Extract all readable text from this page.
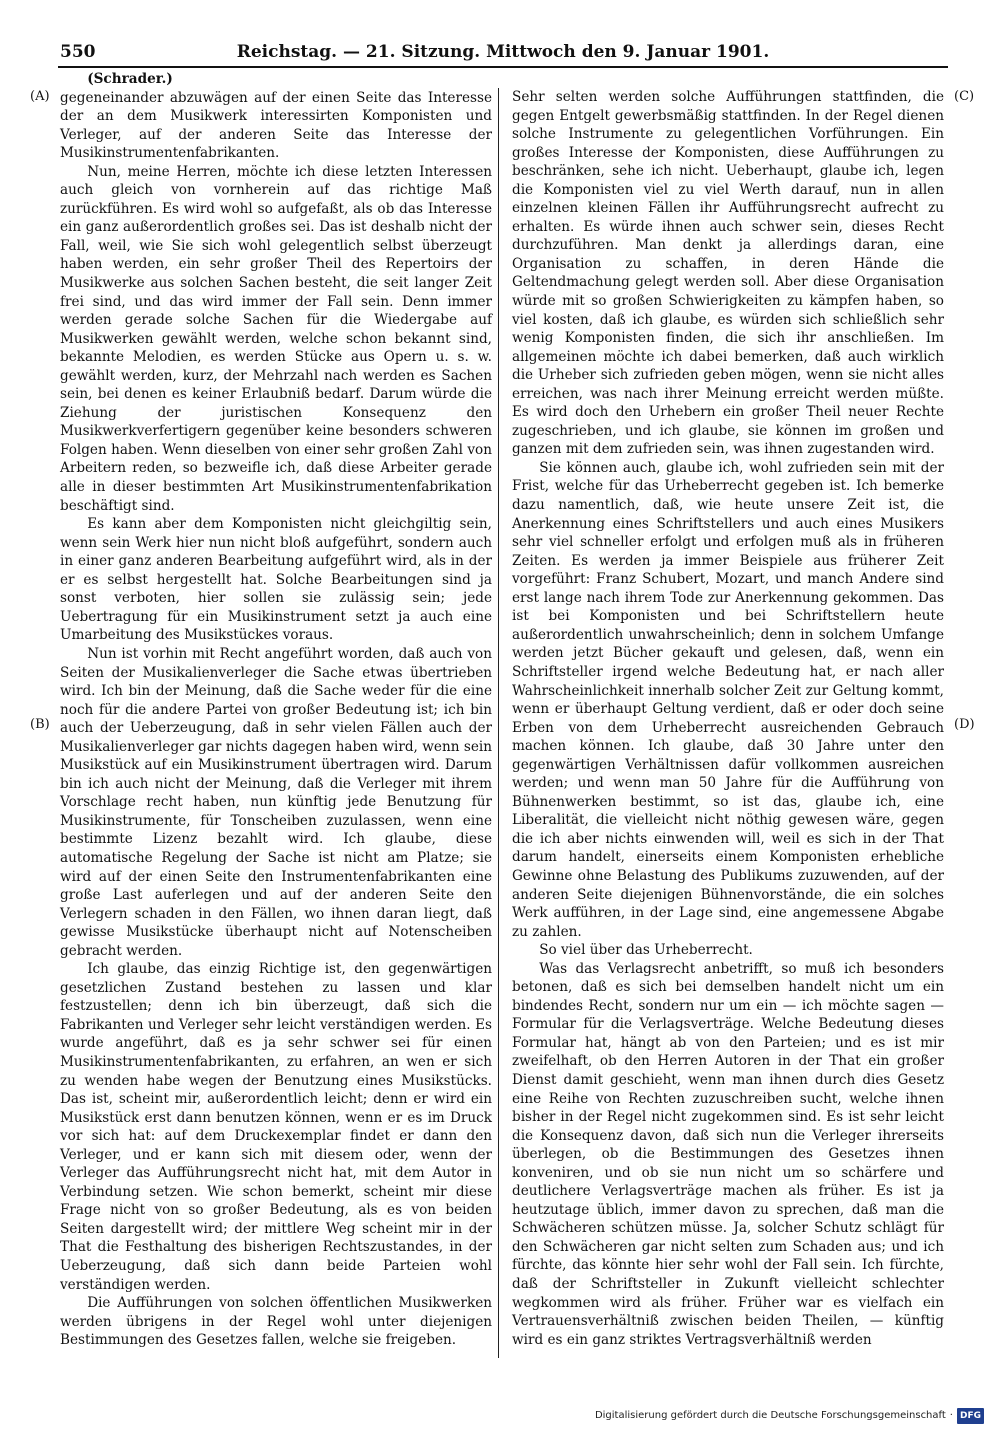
550	Reichstag. — 21. Sitzung. Mittwoch den 9. Januar 1901.
(A)
(B)
(C)
(D)

(Schrader.)

gegeneinander abzuwägen auf der einen Seite das Interesse der an dem Musikwerk interessirten Komponisten und Verleger, auf der anderen Seite das Interesse der Musikinstrumentenfabrikanten.

Nun, meine Herren, möchte ich diese letzten Interessen auch gleich von vornherein auf das richtige Maß zurückführen. Es wird wohl so aufgefaßt, als ob das Interesse ein ganz außerordentlich großes sei. Das ist deshalb nicht der Fall, weil, wie Sie sich wohl gelegentlich selbst überzeugt haben werden, ein sehr großer Theil des Repertoirs der Musikwerke aus solchen Sachen besteht, die seit langer Zeit frei sind, und das wird immer der Fall sein. Denn immer werden gerade solche Sachen für die Wiedergabe auf Musikwerken gewählt werden, welche schon bekannt sind, bekannte Melodien, es werden Stücke aus Opern u. s. w. gewählt werden, kurz, der Mehrzahl nach werden es Sachen sein, bei denen es keiner Erlaubniß bedarf. Darum würde die Ziehung der juristischen Konsequenz den Musikwerkverfertigern gegenüber keine besonders schweren Folgen haben. Wenn dieselben von einer sehr großen Zahl von Arbeitern reden, so bezweifle ich, daß diese Arbeiter gerade alle in dieser bestimmten Art Musikinstrumentenfabrikation beschäftigt sind.

Es kann aber dem Komponisten nicht gleichgiltig sein, wenn sein Werk hier nun nicht bloß aufgeführt, sondern auch in einer ganz anderen Bearbeitung aufgeführt wird, als in der er es selbst hergestellt hat. Solche Bearbeitungen sind ja sonst verboten, hier sollen sie zulässig sein; jede Uebertragung für ein Musikinstrument setzt ja auch eine Umarbeitung des Musikstückes voraus.

Nun ist vorhin mit Recht angeführt worden, daß auch von Seiten der Musikalienverleger die Sache etwas übertrieben wird. Ich bin der Meinung, daß die Sache weder für die eine noch für die andere Partei von großer Bedeutung ist; ich bin auch der Ueberzeugung, daß in sehr vielen Fällen auch der Musikalienverleger gar nichts dagegen haben wird, wenn sein Musikstück auf ein Musikinstrument übertragen wird. Darum bin ich auch nicht der Meinung, daß die Verleger mit ihrem Vorschlage recht haben, nun künftig jede Benutzung für Musikinstrumente, für Tonscheiben zuzulassen, wenn eine bestimmte Lizenz bezahlt wird. Ich glaube, diese automatische Regelung der Sache ist nicht am Platze; sie wird auf der einen Seite den Instrumentenfabrikanten eine große Last auferlegen und auf der anderen Seite den Verlegern schaden in den Fällen, wo ihnen daran liegt, daß gewisse Musikstücke überhaupt nicht auf Notenscheiben gebracht werden.

Ich glaube, das einzig Richtige ist, den gegenwärtigen gesetzlichen Zustand bestehen zu lassen und klar festzustellen; denn ich bin überzeugt, daß sich die Fabrikanten und Verleger sehr leicht verständigen werden. Es wurde angeführt, daß es ja sehr schwer sei für einen Musikinstrumentenfabrikanten, zu erfahren, an wen er sich zu wenden habe wegen der Benutzung eines Musikstücks. Das ist, scheint mir, außerordentlich leicht; denn er wird ein Musikstück erst dann benutzen können, wenn er es im Druck vor sich hat: auf dem Druckexemplar findet er dann den Verleger, und er kann sich mit diesem oder, wenn der Verleger das Aufführungsrecht nicht hat, mit dem Autor in Verbindung setzen. Wie schon bemerkt, scheint mir diese Frage nicht von so großer Bedeutung, als es von beiden Seiten dargestellt wird; der mittlere Weg scheint mir in der That die Festhaltung des bisherigen Rechtszustandes, in der Ueberzeugung, daß sich dann beide Parteien wohl verständigen werden.

Die Aufführungen von solchen öffentlichen Musikwerken werden übrigens in der Regel wohl unter diejenigen Bestimmungen des Gesetzes fallen, welche sie freigeben.

Sehr selten werden solche Aufführungen stattfinden, die gegen Entgelt gewerbsmäßig stattfinden. In der Regel dienen solche Instrumente zu gelegentlichen Vorführungen. Ein großes Interesse der Komponisten, diese Aufführungen zu beschränken, sehe ich nicht. Ueberhaupt, glaube ich, legen die Komponisten viel zu viel Werth darauf, nun in allen einzelnen kleinen Fällen ihr Aufführungsrecht aufrecht zu erhalten. Es würde ihnen auch schwer sein, dieses Recht durchzuführen. Man denkt ja allerdings daran, eine Organisation zu schaffen, in deren Hände die Geltendmachung gelegt werden soll. Aber diese Organisation würde mit so großen Schwierigkeiten zu kämpfen haben, so viel kosten, daß ich glaube, es würden sich schließlich sehr wenig Komponisten finden, die sich ihr anschließen. Im allgemeinen möchte ich dabei bemerken, daß auch wirklich die Urheber sich zufrieden geben mögen, wenn sie nicht alles erreichen, was nach ihrer Meinung erreicht werden müßte. Es wird doch den Urhebern ein großer Theil neuer Rechte zugeschrieben, und ich glaube, sie können im großen und ganzen mit dem zufrieden sein, was ihnen zugestanden wird.

Sie können auch, glaube ich, wohl zufrieden sein mit der Frist, welche für das Urheberrecht gegeben ist. Ich bemerke dazu namentlich, daß, wie heute unsere Zeit ist, die Anerkennung eines Schriftstellers und auch eines Musikers sehr viel schneller erfolgt und erfolgen muß als in früheren Zeiten. Es werden ja immer Beispiele aus früherer Zeit vorgeführt: Franz Schubert, Mozart, und manch Andere sind erst lange nach ihrem Tode zur Anerkennung gekommen. Das ist bei Komponisten und bei Schriftstellern heute außerordentlich unwahrscheinlich; denn in solchem Umfange werden jetzt Bücher gekauft und gelesen, daß, wenn ein Schriftsteller irgend welche Bedeutung hat, er nach aller Wahrscheinlichkeit innerhalb solcher Zeit zur Geltung kommt, wenn er überhaupt Geltung verdient, daß er oder doch seine Erben von dem Urheberrecht ausreichenden Gebrauch machen können. Ich glaube, daß 30 Jahre unter den gegenwärtigen Verhältnissen dafür vollkommen ausreichen werden; und wenn man 50 Jahre für die Aufführung von Bühnenwerken bestimmt, so ist das, glaube ich, eine Liberalität, die vielleicht nicht nöthig gewesen wäre, gegen die ich aber nichts einwenden will, weil es sich in der That darum handelt, einerseits einem Komponisten erhebliche Gewinne ohne Belastung des Publikums zuzuwenden, auf der anderen Seite diejenigen Bühnenvorstände, die ein solches Werk aufführen, in der Lage sind, eine angemessene Abgabe zu zahlen.

So viel über das Urheberrecht.

Was das Verlagsrecht anbetrifft, so muß ich besonders betonen, daß es sich bei demselben handelt nicht um ein bindendes Recht, sondern nur um ein — ich möchte sagen — Formular für die Verlagsverträge. Welche Bedeutung dieses Formular hat, hängt ab von den Parteien; und es ist mir zweifelhaft, ob den Herren Autoren in der That ein großer Dienst damit geschieht, wenn man ihnen durch dies Gesetz eine Reihe von Rechten zuzuschreiben sucht, welche ihnen bisher in der Regel nicht zugekommen sind. Es ist sehr leicht die Konsequenz davon, daß sich nun die Verleger ihrerseits überlegen, ob die Bestimmungen des Gesetzes ihnen konveniren, und ob sie nun nicht um so schärfere und deutlichere Verlagsverträge machen als früher. Es ist ja heutzutage üblich, immer davon zu sprechen, daß man die Schwächeren schützen müsse. Ja, solcher Schutz schlägt für den Schwächeren gar nicht selten zum Schaden aus; und ich fürchte, das könnte hier sehr wohl der Fall sein. Ich fürchte, daß der Schriftsteller in Zukunft vielleicht schlechter wegkommen wird als früher. Früher war es vielfach ein Vertrauensverhältniß zwischen beiden Theilen, — künftig wird es ein ganz striktes Vertragsverhältniß werden

Digitalisierung gefördert durch die Deutsche Forschungsgemeinschaft · DFG
